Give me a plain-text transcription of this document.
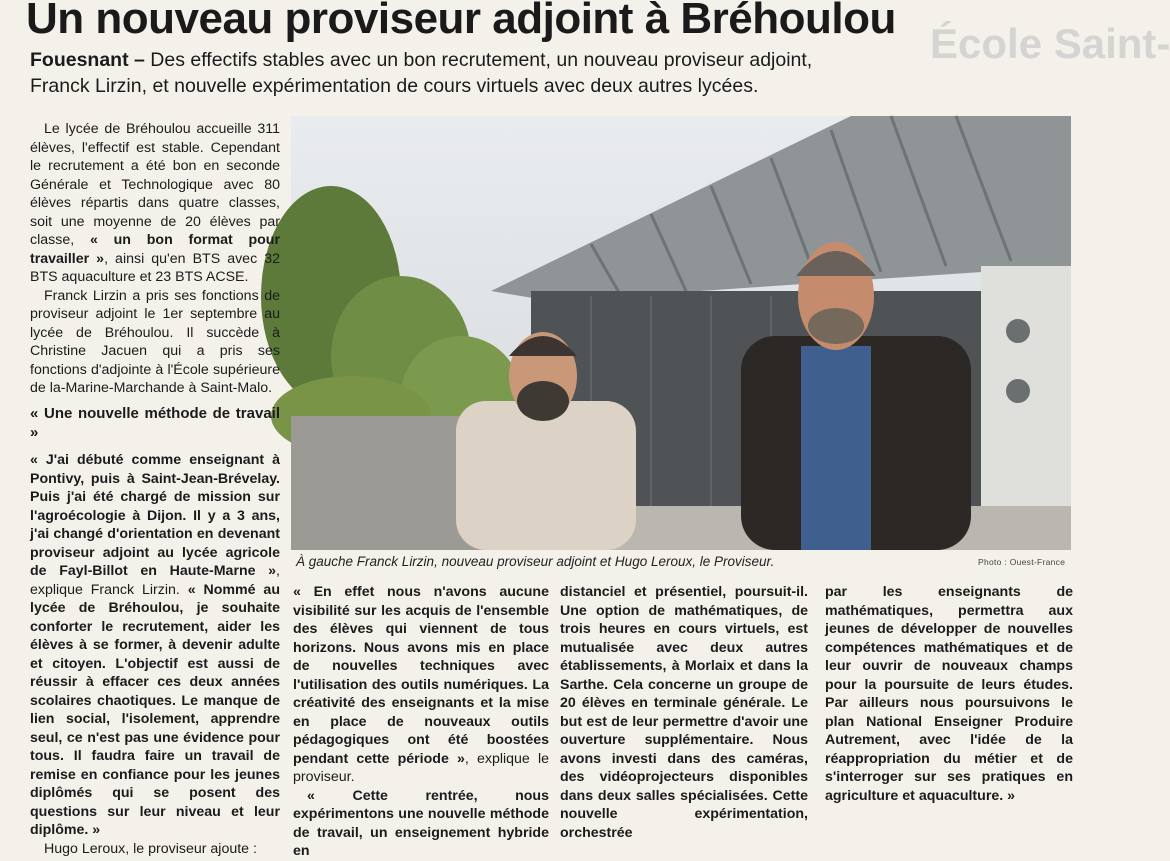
Un nouveau proviseur adjoint à Bréhoulou
École Saint-
Fouesnant – Des effectifs stables avec un bon recrutement, un nouveau proviseur adjoint, Franck Lirzin, et nouvelle expérimentation de cours virtuels avec deux autres lycées.
À gauche Franck Lirzin, nouveau proviseur adjoint et Hugo Leroux, le Proviseur.	Photo : Ouest-France

Le lycée de Bréhoulou accueille 311 élèves, l'effectif est stable. Cependant le recrutement a été bon en seconde Générale et Technologique avec 80 élèves répartis dans quatre classes, soit une moyenne de 20 élèves par classe, « un bon format pour travailler », ainsi qu'en BTS avec 32 BTS aquaculture et 23 BTS ACSE.

Franck Lirzin a pris ses fonctions de proviseur adjoint le 1er septembre au lycée de Bréhoulou. Il succède à Christine Jacuen qui a pris ses fonctions d'adjointe à l'École supérieure de la-Marine-Marchande à Saint-Malo.

« Une nouvelle méthode de travail »

« J'ai débuté comme enseignant à Pontivy, puis à Saint-Jean-Brévelay. Puis j'ai été chargé de mission sur l'agroécologie à Dijon. Il y a 3 ans, j'ai changé d'orientation en devenant proviseur adjoint au lycée agricole de Fayl-Billot en Haute-Marne », explique Franck Lirzin. « Nommé au lycée de Bréhoulou, je souhaite conforter le recrutement, aider les élèves à se former, à devenir adulte et citoyen. L'objectif est aussi de réussir à effacer ces deux années scolaires chaotiques. Le manque de lien social, l'isolement, apprendre seul, ce n'est pas une évidence pour tous. Il faudra faire un travail de remise en confiance pour les jeunes diplômés qui se posent des questions sur leur niveau et leur diplôme. »

Hugo Leroux, le proviseur ajoute :

« En effet nous n'avons aucune visibilité sur les acquis de l'ensemble des élèves qui viennent de tous horizons. Nous avons mis en place de nouvelles techniques avec l'utilisation des outils numériques. La créativité des enseignants et la mise en place de nouveaux outils pédagogiques ont été boostées pendant cette période », explique le proviseur.

« Cette rentrée, nous expérimentons une nouvelle méthode de travail, un enseignement hybride en

distanciel et présentiel, poursuit-il. Une option de mathématiques, de trois heures en cours virtuels, est mutualisée avec deux autres établissements, à Morlaix et dans la Sarthe. Cela concerne un groupe de 20 élèves en terminale générale. Le but est de leur permettre d'avoir une ouverture supplémentaire. Nous avons investi dans des caméras, des vidéoprojecteurs disponibles dans deux salles spécialisées. Cette nouvelle expérimentation, orchestrée

par les enseignants de mathématiques, permettra aux jeunes de développer de nouvelles compétences mathématiques et de leur ouvrir de nouveaux champs pour la poursuite de leurs études. Par ailleurs nous poursuivons le plan National Enseigner Produire Autrement, avec l'idée de la réappropriation du métier et de s'interroger sur ses pratiques en agriculture et aquaculture. »
